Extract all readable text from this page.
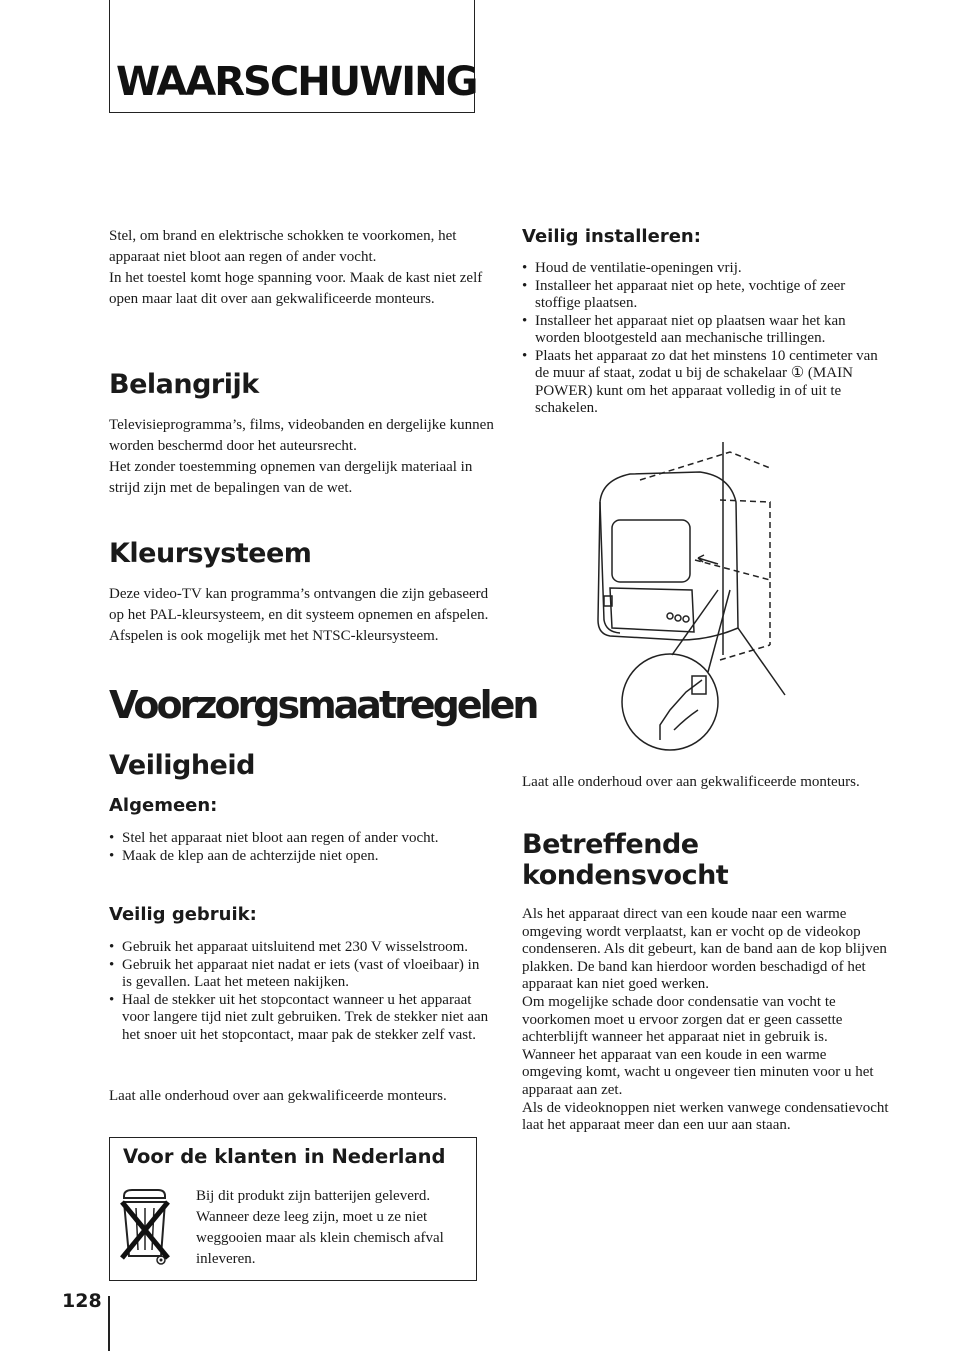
WAARSCHUWING

Stel, om brand en elektrische schokken te voorkomen, het apparaat niet bloot aan regen of ander vocht.

In het toestel komt hoge spanning voor. Maak de kast niet zelf open maar laat dit over aan gekwalificeerde monteurs.

Belangrijk

Televisieprogramma’s, films, videobanden en dergelijke kunnen worden beschermd door het auteursrecht.

Het zonder toestemming opnemen van dergelijk materiaal in strijd zijn met de bepalingen van de wet.

Kleursysteem

Deze video-TV kan programma’s ontvangen die zijn gebaseerd op het PAL-kleursysteem, en dit systeem opnemen en afspelen. Afspelen is ook mogelijk met het NTSC-kleursysteem.

Voorzorgsmaatregelen
Veiligheid
Algemeen:
• Stel het apparaat niet bloot aan regen of ander vocht.
• Maak de klep aan de achterzijde niet open.
Veilig gebruik:
• Gebruik het apparaat uitsluitend met 230 V wisselstroom.
• Gebruik het apparaat niet nadat er iets (vast of vloeibaar) in is gevallen. Laat het meteen nakijken.
• Haal de stekker uit het stopcontact wanneer u het apparaat voor langere tijd niet zult gebruiken. Trek de stekker niet aan het snoer uit het stopcontact, maar pak de stekker zelf vast.

Laat alle onderhoud over aan gekwalificeerde monteurs.

Voor de klanten in Nederland

Bij dit produkt zijn batterijen geleverd. Wanneer deze leeg zijn, moet u ze niet weggooien maar als klein chemisch afval inleveren.

Veilig installeren:
• Houd de ventilatie-openingen vrij.
• Installeer het apparaat niet op hete, vochtige of zeer stoffige plaatsen.
• Installeer het apparaat niet op plaatsen waar het kan worden blootgesteld aan mechanische trillingen.
• Plaats het apparaat zo dat het minstens 10 centimeter van de muur af staat, zodat u bij de schakelaar ① (MAIN POWER) kunt om het apparaat volledig in of uit te schakelen.

Laat alle onderhoud over aan gekwalificeerde monteurs.

Betreffende
kondensvocht

Als het apparaat direct van een koude naar een warme omgeving wordt verplaatst, kan er vocht op de videokop condenseren. Als dit gebeurt, kan de band aan de kop blijven plakken. De band kan hierdoor worden beschadigd of het apparaat kan niet goed werken.

Om mogelijke schade door condensatie van vocht te voorkomen moet u ervoor zorgen dat er geen cassette achterblijft wanneer het apparaat niet in gebruik is.

Wanneer het apparaat van een koude in een warme omgeving komt, wacht u ongeveer tien minuten voor u het apparaat aan zet.

Als de videoknoppen niet werken vanwege condensatievocht laat het apparaat meer dan een uur aan staan.

128
